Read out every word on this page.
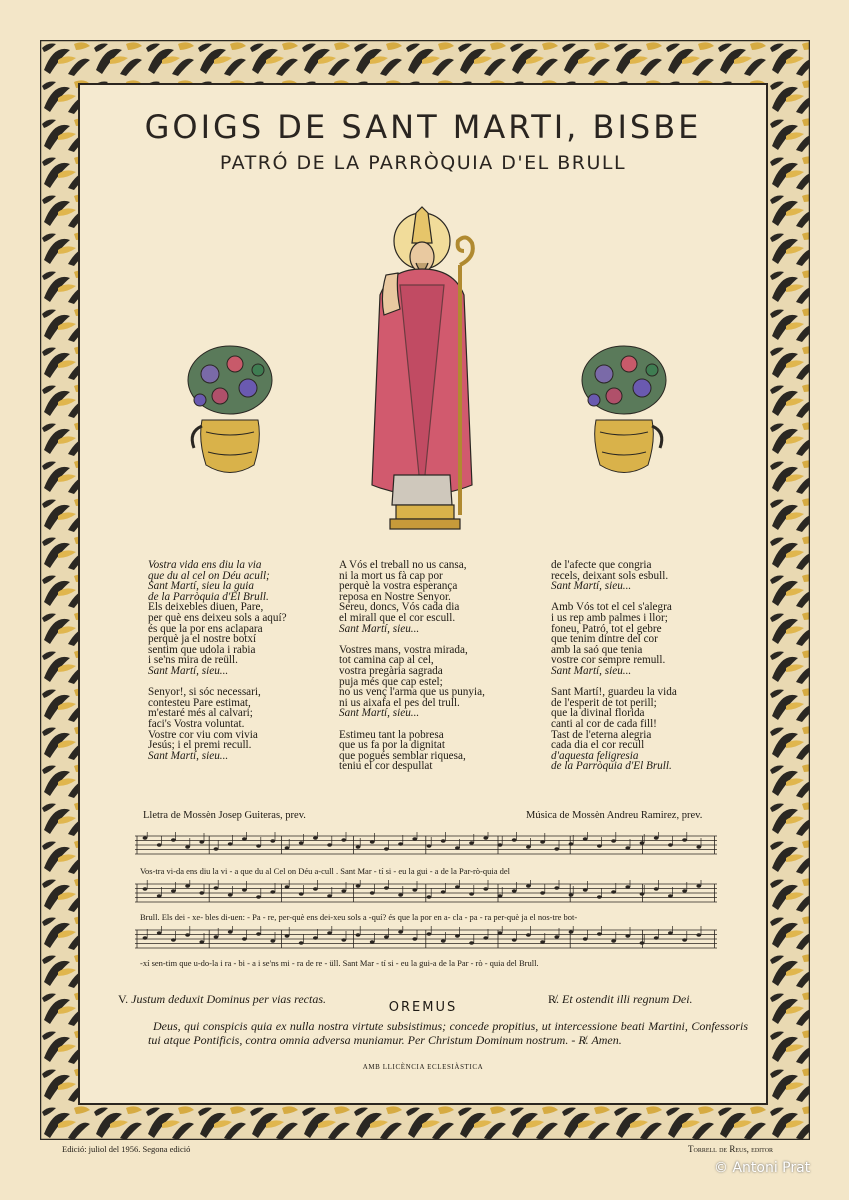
GOIGS DE SANT MARTI, BISBE
PATRÓ DE LA PARRÒQUIA D'EL BRULL
Vostra vida ens diu la via
que du al cel on Déu acull;
Sant Martí, sieu la guia
de la Parròquia d'El Brull.
Els deixebles diuen, Pare,
per què ens deixeu sols a aquí?
és que la por ens aclapara
perquè ja el nostre botxí
sentim que udola i rabia
i se'ns mira de reüll.
Sant Martí, sieu...

Senyor!, si sóc necessari,
contesteu Pare estimat,
m'estaré més al calvari;
faci's Vostra voluntat.
Vostre cor viu com vivia
Jesús; i el premi recull.
Sant Martí, sieu...
A Vós el treball no us cansa,
ni la mort us fà cap por
perquè la vostra esperança
reposa en Nostre Senyor.
Sereu, doncs, Vós cada dia
el mirall que el cor escull.
Sant Martí, sieu...

Vostres mans, vostra mirada,
tot camina cap al cel,
vostra pregària sagrada
puja més que cap estel;
no us venç l'arma que us punyia,
ni us aixafa el pes del trull.
Sant Martí, sieu...

Estimeu tant la pobresa
que us fa por la dignitat
que pogués semblar riquesa,
teniu el cor despullat
de l'afecte que congria
recels, deixant sols esbull.
Sant Martí, sieu...

Amb Vós tot el cel s'alegra
i us rep amb palmes i llor;
foneu, Patró, tot el gebre
que tenim dintre del cor
amb la saó que tenia
vostre cor sempre remull.
Sant Martí, sieu...

Sant Martí!, guardeu la vida
de l'esperit de tot perill;
que la divinal florida
canti al cor de cada fill!
Tast de l'eterna alegria
cada dia el cor recull
d'aquesta feligresia
de la Parròquia d'El Brull.
Lletra de Mossèn Josep Guiteras, prev.	Música de Mossèn Andreu Ramirez, prev.
Vos-tra vi-da ens diu la vi - a que du al Cel on Déu a-cull . Sant Mar - tí si - eu la gui - a de la Par-rò-quia del
Brull. Els dei - xe- bles di-uen: - Pa - re, per-què ens dei-xeu sols a -quí? és que la por en a- cla - pa - ra per-què ja el nos-tre bot-
-xí sen-tim que u-do-la i ra - bi - a i se'ns mi - ra de re - üll. Sant Mar - tí si - eu la gui-a de la Par - rò - quia del Brull.
V. Justum deduxit Dominus per vias rectas.	R̸. Et ostendit illi regnum Dei.
OREMUS
Deus, qui conspicis quia ex nulla nostra virtute subsistimus; concede propitius, ut intercessione beati Martini, Confessoris tui atque Pontificis, contra omnia adversa muniamur. Per Christum Dominum nostrum. - R̸. Amen.
AMB LLICÈNCIA ECLESIÀSTICA
Edició: juliol del 1956. Segona edició	Torrell de Reus, editor
© Antoni Prat
